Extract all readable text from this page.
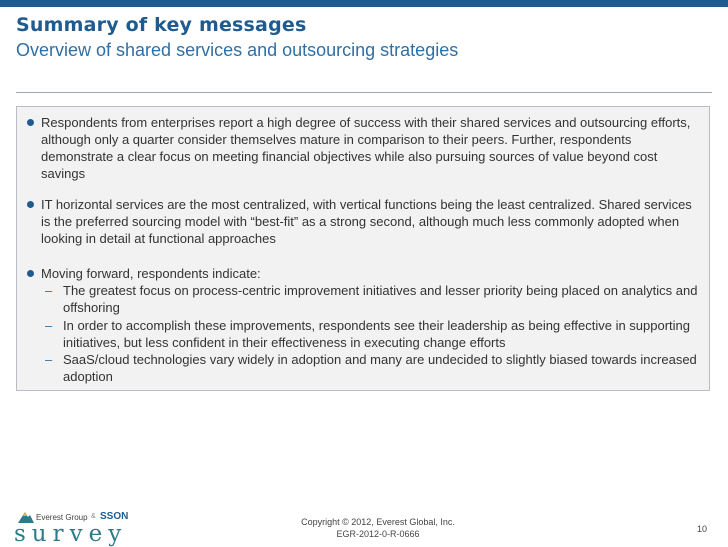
Summary of key messages
Overview of shared services and outsourcing strategies
Respondents from enterprises report a high degree of success with their shared services and outsourcing efforts, although only a quarter consider themselves mature in comparison to their peers. Further, respondents demonstrate a clear focus on meeting financial objectives while also pursuing sources of value beyond cost savings
IT horizontal services are the most centralized, with vertical functions being the least centralized. Shared services is the preferred sourcing model with “best-fit” as a strong second, although much less commonly adopted when looking in detail at functional approaches
Moving forward, respondents indicate:
– The greatest focus on process-centric improvement initiatives and lesser priority being placed on analytics and offshoring
– In order to accomplish these improvements, respondents see their leadership as being effective in supporting initiatives, but less confident in their effectiveness in executing change efforts
– SaaS/cloud technologies vary widely in adoption and many are undecided to slightly biased towards increased adoption
Everest Group & SSON
survey	Copyright © 2012, Everest Global, Inc.
EGR-2012-0-R-0666	10
